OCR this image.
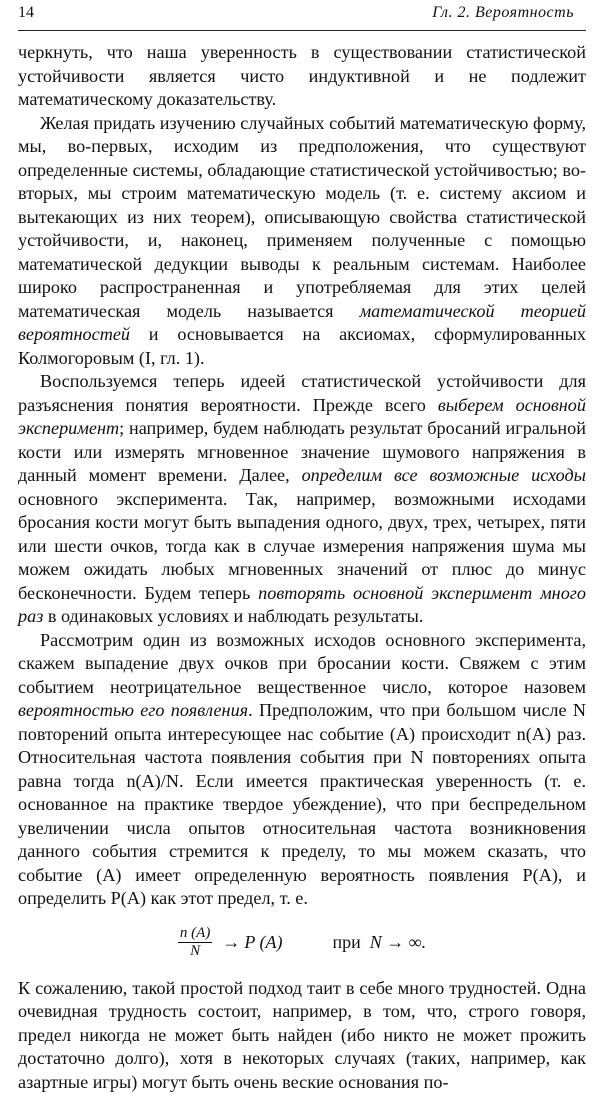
14	Гл. 2. Вероятность

черкнуть, что наша уверенность в существовании статистической устойчивости является чисто индуктивной и не подлежит математическому доказательству.

Желая придать изучению случайных событий математическую форму, мы, во-первых, исходим из предположения, что существуют определенные системы, обладающие статистической устойчивостью; во-вторых, мы строим математическую модель (т. е. систему аксиом и вытекающих из них теорем), описывающую свойства статистической устойчивости, и, наконец, применяем полученные с помощью математической дедукции выводы к реальным системам. Наиболее широко распространенная и употребляемая для этих целей математическая модель называется математической теорией вероятностей и основывается на аксиомах, сформулированных Колмогоровым (I, гл. 1).

Воспользуемся теперь идеей статистической устойчивости для разъяснения понятия вероятности. Прежде всего выберем основной эксперимент; например, будем наблюдать результат бросаний игральной кости или измерять мгновенное значение шумового напряжения в данный момент времени. Далее, определим все возможные исходы основного эксперимента. Так, например, возможными исходами бросания кости могут быть выпадения одного, двух, трех, четырех, пяти или шести очков, тогда как в случае измерения напряжения шума мы можем ожидать любых мгновенных значений от плюс до минус бесконечности. Будем теперь повторять основной эксперимент много раз в одинаковых условиях и наблюдать результаты.

Рассмотрим один из возможных исходов основного эксперимента, скажем выпадение двух очков при бросании кости. Свяжем с этим событием неотрицательное вещественное число, которое назовем вероятностью его появления. Предположим, что при большом числе N повторений опыта интересующее нас событие (A) происходит n(A) раз. Относительная частота появления события при N повторениях опыта равна тогда n(A)/N. Если имеется практическая уверенность (т. е. основанное на практике твердое убеждение), что при беспредельном увеличении числа опытов относительная частота возникновения данного события стремится к пределу, то мы можем сказать, что событие (A) имеет определенную вероятность появления P(A), и определить P(A) как этот предел, т. е.

$\frac{n (A)}{N} \to P$ (A)	при
N → ∞.

К сожалению, такой простой подход таит в себе много трудностей. Одна очевидная трудность состоит, например, в том, что, строго говоря, предел никогда не может быть найден (ибо никто не может прожить достаточно долго), хотя в некоторых случаях (таких, например, как азартные игры) могут быть очень веские основания по-
